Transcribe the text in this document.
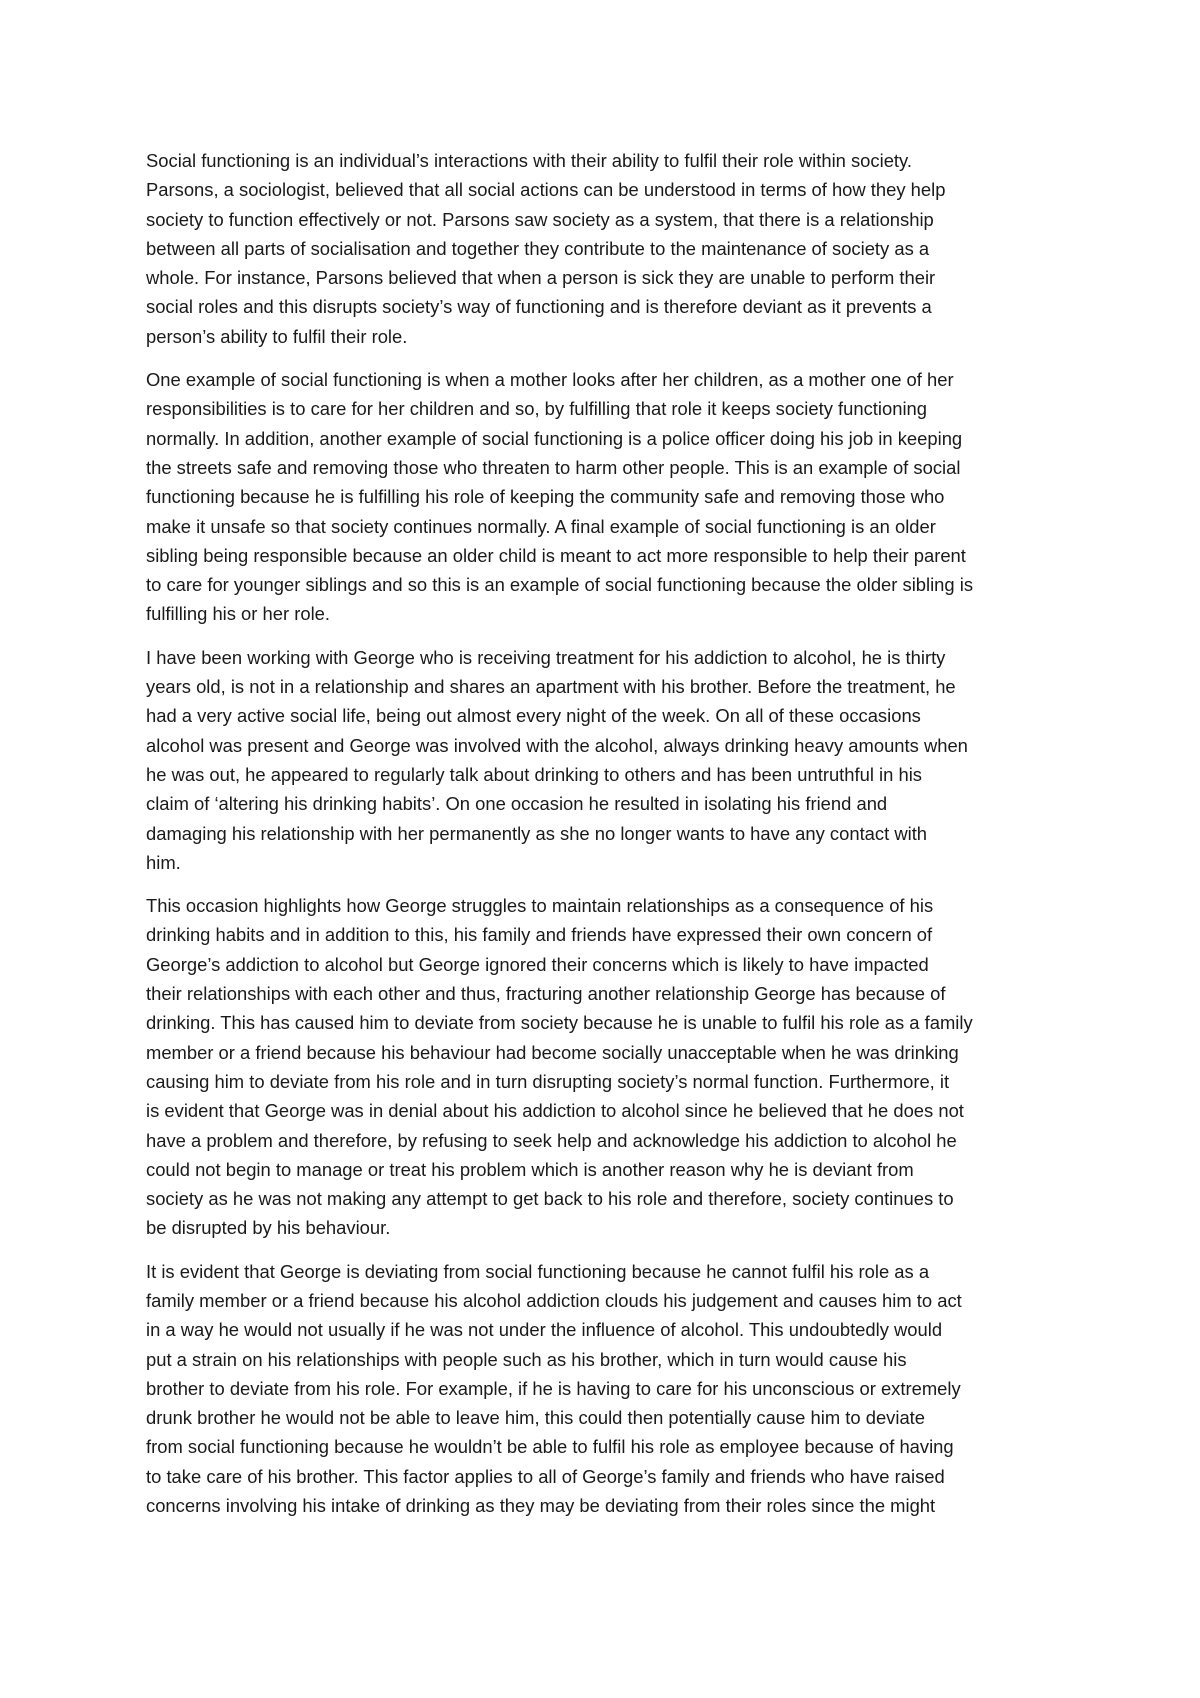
Social functioning is an individual’s interactions with their ability to fulfil their role within society.
Parsons, a sociologist, believed that all social actions can be understood in terms of how they help
society to function effectively or not. Parsons saw society as a system, that there is a relationship
between all parts of socialisation and together they contribute to the maintenance of society as a
whole. For instance, Parsons believed that when a person is sick they are unable to perform their
social roles and this disrupts society’s way of functioning and is therefore deviant as it prevents a
person’s ability to fulfil their role.

One example of social functioning is when a mother looks after her children, as a mother one of her
responsibilities is to care for her children and so, by fulfilling that role it keeps society functioning
normally. In addition, another example of social functioning is a police officer doing his job in keeping
the streets safe and removing those who threaten to harm other people. This is an example of social
functioning because he is fulfilling his role of keeping the community safe and removing those who
make it unsafe so that society continues normally. A final example of social functioning is an older
sibling being responsible because an older child is meant to act more responsible to help their parent
to care for younger siblings and so this is an example of social functioning because the older sibling is
fulfilling his or her role.

I have been working with George who is receiving treatment for his addiction to alcohol, he is thirty
years old, is not in a relationship and shares an apartment with his brother. Before the treatment, he
had a very active social life, being out almost every night of the week. On all of these occasions
alcohol was present and George was involved with the alcohol, always drinking heavy amounts when
he was out, he appeared to regularly talk about drinking to others and has been untruthful in his
claim of ‘altering his drinking habits’. On one occasion he resulted in isolating his friend and
damaging his relationship with her permanently as she no longer wants to have any contact with
him.

This occasion highlights how George struggles to maintain relationships as a consequence of his
drinking habits and in addition to this, his family and friends have expressed their own concern of
George’s addiction to alcohol but George ignored their concerns which is likely to have impacted
their relationships with each other and thus, fracturing another relationship George has because of
drinking. This has caused him to deviate from society because he is unable to fulfil his role as a family
member or a friend because his behaviour had become socially unacceptable when he was drinking
causing him to deviate from his role and in turn disrupting society’s normal function. Furthermore, it
is evident that George was in denial about his addiction to alcohol since he believed that he does not
have a problem and therefore, by refusing to seek help and acknowledge his addiction to alcohol he
could not begin to manage or treat his problem which is another reason why he is deviant from
society as he was not making any attempt to get back to his role and therefore, society continues to
be disrupted by his behaviour.

It is evident that George is deviating from social functioning because he cannot fulfil his role as a
family member or a friend because his alcohol addiction clouds his judgement and causes him to act
in a way he would not usually if he was not under the influence of alcohol. This undoubtedly would
put a strain on his relationships with people such as his brother, which in turn would cause his
brother to deviate from his role. For example, if he is having to care for his unconscious or extremely
drunk brother he would not be able to leave him, this could then potentially cause him to deviate
from social functioning because he wouldn’t be able to fulfil his role as employee because of having
to take care of his brother. This factor applies to all of George’s family and friends who have raised
concerns involving his intake of drinking as they may be deviating from their roles since the might
